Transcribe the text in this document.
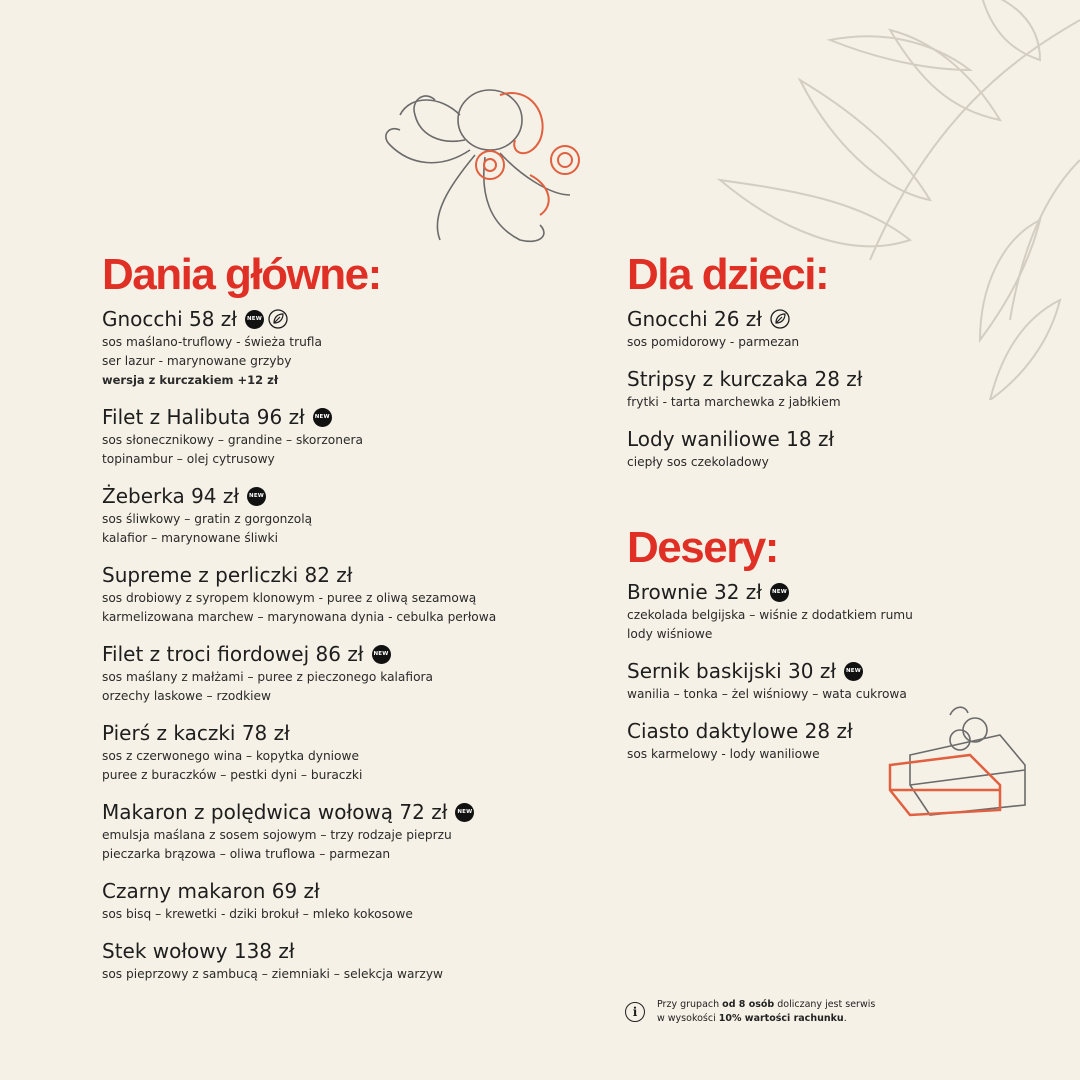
Dania główne:
Gnocchi 58 zł	NEW
sos maślano-truflowy - świeża trufla
ser lazur - marynowane grzyby
wersja z kurczakiem +12 zł
Filet z Halibuta 96 zł	NEW
sos słonecznikowy – grandine – skorzonera
topinambur – olej cytrusowy
Żeberka 94 zł	NEW
sos śliwkowy – gratin z gorgonzolą
kalafior – marynowane śliwki
Supreme z perliczki 82 zł
sos drobiowy z syropem klonowym - puree z oliwą sezamową
karmelizowana marchew – marynowana dynia - cebulka perłowa
Filet z troci fiordowej 86 zł	NEW
sos maślany z małżami – puree z pieczonego kalafiora
orzechy laskowe – rzodkiew
Pierś z kaczki 78 zł
sos z czerwonego wina – kopytka dyniowe
puree z buraczków – pestki dyni – buraczki
Makaron z polędwica wołową 72 zł	NEW
emulsja maślana z sosem sojowym – trzy rodzaje pieprzu
pieczarka brązowa – oliwa truflowa – parmezan
Czarny makaron 69 zł
sos bisq – krewetki - dziki brokuł – mleko kokosowe
Stek wołowy 138 zł
sos pieprzowy z sambucą – ziemniaki – selekcja warzyw
Dla dzieci:
Gnocchi 26 zł
sos pomidorowy - parmezan
Stripsy z kurczaka 28 zł
frytki - tarta marchewka z jabłkiem
Lody waniliowe 18 zł
ciepły sos czekoladowy
Desery:
Brownie 32 zł	NEW
czekolada belgijska – wiśnie z dodatkiem rumu
lody wiśniowe
Sernik baskijski 30 zł	NEW
wanilia – tonka – żel wiśniowy – wata cukrowa
Ciasto daktylowe 28 zł
sos karmelowy - lody waniliowe
i
Przy grupach od 8 osób doliczany jest serwis
w wysokości 10% wartości rachunku.
